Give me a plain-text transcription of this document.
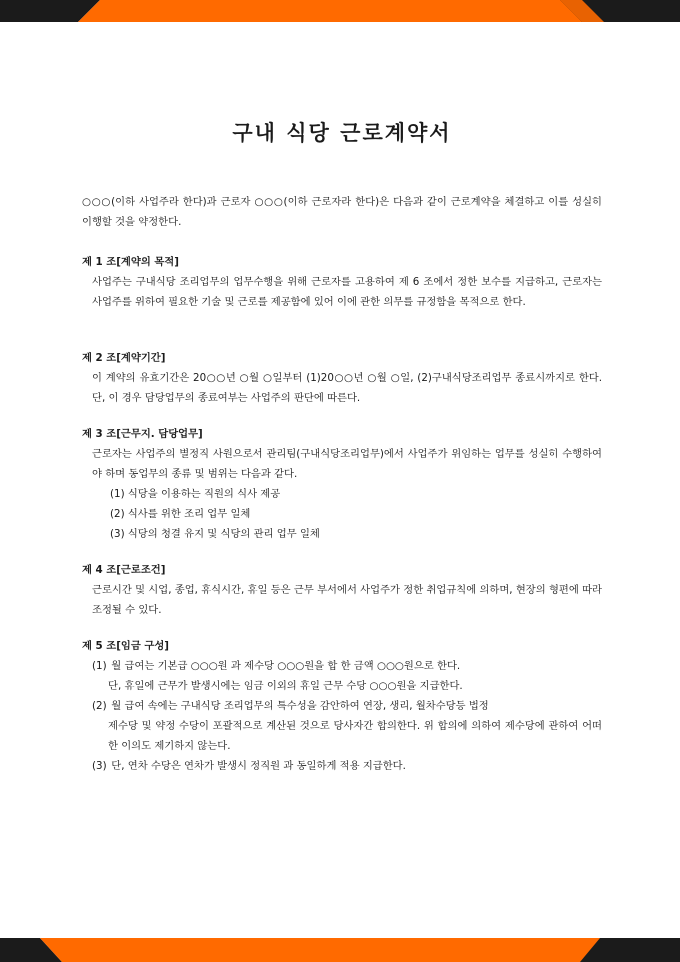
구내 식당 근로계약서

○○○(이하 사업주라 한다)과 근로자 ○○○(이하 근로자라 한다)은 다음과 같이 근로계약을 체결하고 이를 성실히 이행할 것을 약정한다.

제 1 조[계약의 목적]

사업주는 구내식당 조리업무의 업무수행을 위해 근로자를 고용하여 제 6 조에서 정한 보수를 지급하고, 근로자는 사업주를 위하여 필요한 기술 및 근로를 제공함에 있어 이에 관한 의무를 규정함을 목적으로 한다.

제 2 조[계약기간]

이 계약의 유효기간은 20○○년 ○월 ○일부터 (1)20○○년 ○월 ○일, (2)구내식당조리업무 종료시까지로 한다. 단, 이 경우 담당업무의 종료여부는 사업주의 판단에 따른다.

제 3 조[근무지. 담당업무]

근로자는 사업주의 별정직 사원으로서 관리팀(구내식당조리업무)에서 사업주가 위임하는 업무를 성실히 수행하여야 하며 동업무의 종류 및 범위는 다음과 같다.

(1) 식당을 이용하는 직원의 식사 제공
(2) 식사를 위한 조리 업무 일체
(3) 식당의 청결 유지 및 식당의 관리 업무 일체

제 4 조[근로조건]

근로시간 및 시업, 종업, 휴식시간, 휴일 등은 근무 부서에서 사업주가 정한 취업규칙에 의하며, 현장의 형편에 따라 조정될 수 있다.

제 5 조[임금 구성]

(1) 월 급여는 기본급 ○○○원 과 제수당 ○○○원을 합 한 금액 ○○○원으로 한다.
단, 휴일에 근무가 발생시에는 임금 이외의 휴일 근무 수당 ○○○원을 지급한다.
(2) 월 급여 속에는 구내식당 조리업무의 특수성을 감안하여 연장, 생리, 월차수당등 법정
제수당 및 약정 수당이 포괄적으로 계산된 것으로 당사자간 합의한다. 위 합의에 의하여 제수당에 관하여 어떠한 이의도 제기하지 않는다.
(3) 단, 연차 수당은 연차가 발생시 정직원 과 동일하게 적용 지급한다.
